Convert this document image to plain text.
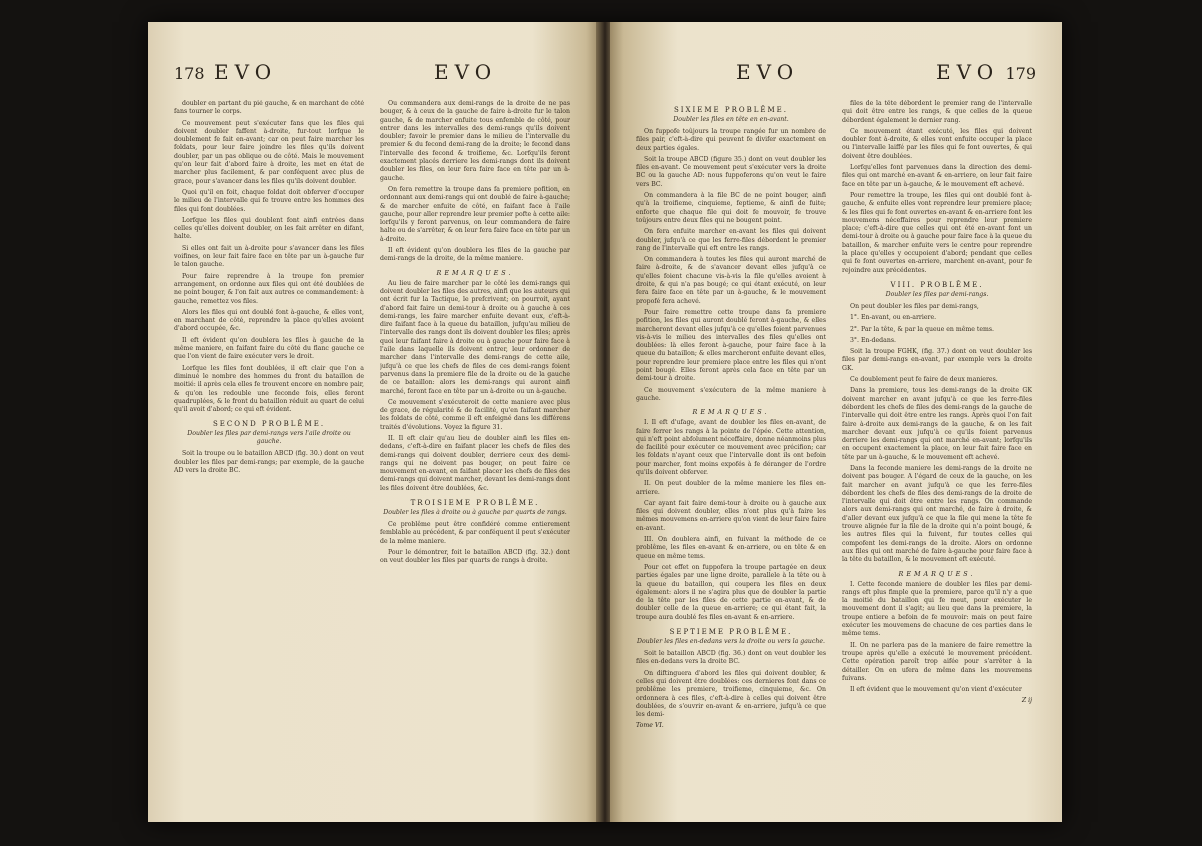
178 EVO	EVO

doubler en partant du pié gauche, & en marchant de côté fans tourner le corps.

Ce mouvement peut s'exécuter fans que les files qui doivent doubler faffent à-droite, fur-tout lorfque le doublement fe fait en-avant; car on peut faire marcher les foldats, pour leur faire joindre les files qu'ils doivent doubler, par un pas oblique ou de côté. Mais le mouvement qu'on leur fait d'abord faire à droite, les met en état de marcher plus facilement, & par conféquent avec plus de grace, pour s'avancer dans les files qu'ils doivent doubler.

Quoi qu'il en foit, chaque foldat doit obferver d'occuper le milieu de l'intervalle qui fe trouve entre les hommes des files qui font doublées.

Lorfque les files qui doublent font ainfi entrées dans celles qu'elles doivent doubler, on les fait arrêter en difant, halte.

Si elles ont fait un à-droite pour s'avancer dans les files voifines, on leur fait faire face en tête par un à-gauche fur le talon gauche.

Pour faire reprendre à la troupe fon premier arrangement, on ordonne aux files qui ont été doublées de ne point bouger, & l'on fait aux autres ce commandement: à gauche, remettez vos files.

Alors les files qui ont doublé font à-gauche, & elles vont, en marchant de côté, reprendre la place qu'elles avoient d'abord occupée, &c.

Il eft évident qu'on doublera les files à gauche de la même maniere, en faifant faire du côté du flanc gauche ce que l'on vient de faire exécuter vers le droit.

Lorfque les files font doublées, il eft clair que l'on a diminué le nombre des hommes du front du bataillon de moitié: il après cela elles fe trouvent encore en nombre pair, & qu'on les redouble une feconde fois, elles feront quadruplées, & le front du bataillon réduit au quart de celui qu'il avoit d'abord; ce qui eft évident.

SECOND PROBLÊME.
Doubler les files par demi-rangs vers l'aile droite ou gauche.

Soit la troupe ou le bataillon ABCD (fig. 30.) dont on veut doubler les files par demi-rangs; par exemple, de la gauche AD vers la droite BC.

Ou commandera aux demi-rangs de la droite de ne pas bouger, & à ceux de la gauche de faire à-droite fur le talon gauche, & de marcher enfuite tous enfemble de côté, pour entrer dans les intervalles des demi-rangs qu'ils doivent doubler; favoir le premier dans le milieu de l'intervalle du premier & du fecond demi-rang de la droite; le fecond dans l'intervalle des fecond & troifieme, &c. Lorfqu'ils feront exactement placés derriere les demi-rangs dont ils doivent doubler les files, on leur fera faire face en tête par un à-gauche.

On fera remettre la troupe dans fa premiere pofition, en ordonnant aux demi-rangs qui ont doublé de faire à-gauche; & de marcher enfuite de côté, en faifant face à l'aile gauche, pour aller reprendre leur premier pofte à cette aile: lorfqu'ils y feront parvenus, on leur commandera de faire halte ou de s'arrêter, & on leur fera faire face en tête par un à-droite.

Il eft évident qu'on doublera les files de la gauche par demi-rangs de la droite, de la même maniere.

REMARQUES.

Au lieu de faire marcher par le côté les demi-rangs qui doivent doubler les files des autres, ainfi que les auteurs qui ont écrit fur la Tactique, le prefcrivent; on pourroit, ayant d'abord fait faire un demi-tour à droite ou à gauche à ces demi-rangs, les faire marcher enfuite devant eux, c'eft-à-dire faifant face à la queue du bataillon, jufqu'au milieu de l'intervalle des rangs dont ils doivent doubler les files; après quoi leur faifant faire à droite ou à gauche pour faire face à l'aile dans laquelle ils doivent entrer, leur ordonner de marcher dans l'intervalle des demi-rangs de cette aile, jufqu'à ce que les chefs de files de ces demi-rangs foient parvenus dans la premiere file de la droite ou de la gauche de ce bataillon: alors les demi-rangs qui auront ainfi marché, feront face en tête par un à-droite ou un à-gauche.

Ce mouvement s'exécuteroit de cette maniere avec plus de grace, de régularité & de facilité, qu'en faifant marcher les foldats de côté, comme il eft enfeigné dans les différens traités d'évolutions. Voyez la figure 31.

II. Il eft clair qu'au lieu de doubler ainfi les files en-dedans, c'eft-à-dire en faifant placer les chefs de files des demi-rangs qui doivent doubler, derriere ceux des demi-rangs qui ne doivent pas bouger, on peut faire ce mouvement en-avant, en faifant placer les chefs de files des demi-rangs qui doivent marcher, devant les demi-rangs dont les files doivent être doublées, &c.

TROISIEME PROBLÊME.
Doubler les files à droite ou à gauche par quarts de rangs.

Ce problême peut être confidéré comme entierement femblable au précédent, & par conféquent il peut s'exécuter de la même maniere.

Pour le démontrer, foit le bataillon ABCD (fig. 32.) dont on veut doubler les files par quarts de rangs à droite.

EVO	EVO 179
SIXIEME PROBLÊME.
Doubler les files en tête en en-avant.

On fuppofe toûjours la troupe rangée fur un nombre de files pair, c'eft-à-dire qui peuvent fe divifer exactement en deux parties égales.

Soit la troupe ABCD (figure 35.) dont on veut doubler les files en-avant. Ce mouvement peut s'exécuter vers la droite BC ou la gauche AD: nous fuppoferons qu'on veut le faire vers BC.

On commandera à la file BC de ne point bouger, ainfi qu'à la troifieme, cinquieme, feptieme, & ainfi de fuite; enforte que chaque file qui doit fe mouvoir, fe trouve toûjours entre deux files qui ne bougent point.

On fera enfuite marcher en-avant les files qui doivent doubler, jufqu'à ce que les ferre-files débordent le premier rang de l'intervalle qui eft entre les rangs.

On commandera à toutes les files qui auront marché de faire à-droite, & de s'avancer devant elles jufqu'à ce qu'elles foient chacune vis-à-vis la file qu'elles avoient à droite, & qui n'a pas bougé; ce qui étant exécuté, on leur fera faire face en tête par un à-gauche, & le mouvement propofé fera achevé.

Pour faire remettre cette troupe dans fa premiere pofition, les files qui auront doublé feront à-gauche, & elles marcheront devant elles jufqu'à ce qu'elles foient parvenues vis-à-vis le milieu des intervalles des files qu'elles ont doublées: là elles feront à-gauche, pour faire face à la queue du bataillon; & elles marcheront enfuite devant elles, pour reprendre leur premiere place entre les files qui n'ont point bougé. Elles feront après cela face en tête par un demi-tour à droite.

Ce mouvement s'exécutera de la même maniere à gauche.

REMARQUES.

I. Il eft d'ufage, avant de doubler les files en-avant, de faire ferrer les rangs à la pointe de l'épée. Cette attention, qui n'eft point abfolument néceffaire, donne néanmoins plus de facilité pour exécuter ce mouvement avec précifion; car les foldats n'ayant ceux que l'intervalle dont ils ont befoin pour marcher, font moins expofés à fe déranger de l'ordre qu'ils doivent obferver.

II. On peut doubler de la même maniere les files en-arriere.

Car ayant fait faire demi-tour à droite ou à gauche aux files qui doivent doubler, elles n'ont plus qu'à faire les mêmes mouvemens en-arriere qu'on vient de leur faire faire en-avant.

III. On doublera ainfi, en fuivant la méthode de ce problême, les files en-avant & en-arriere, ou en tête & en queue en même tems.

Pour cet effet on fuppofera la troupe partagée en deux parties égales par une ligne droite, parallele à la tête ou à la queue du bataillon, qui coupera les files en deux également: alors il ne s'agira plus que de doubler la partie de la tête par les files de cette partie en-avant, & de doubler celle de la queue en-arriere; ce qui étant fait, la troupe aura doublé fes files en-avant & en-arriere.

SEPTIEME PROBLÊME.
Doubler les files en-dedans vers la droite ou vers la gauche.

Soit le bataillon ABCD (fig. 36.) dont on veut doubler les files en-dedans vers la droite BC.

On diftinguera d'abord les files qui doivent doubler, & celles qui doivent être doublées: ces dernieres font dans ce problême les premiere, troifieme, cinquieme, &c. On ordonnera à ces files, c'eft-à-dire à celles qui doivent être doublées, de s'ouvrir en-avant & en-arriere, jufqu'à ce que les demi-

Tome VI.

files de la tête débordent le premier rang de l'intervalle qui doit être entre les rangs, & que celles de la queue débordent également le dernier rang.

Ce mouvement étant exécuté, les files qui doivent doubler font à-droite, & elles vont enfuite occuper la place ou l'intervalle laiffé par les files qui fe font ouvertes, & qui doivent être doublées.

Lorfqu'elles font parvenues dans la direction des demi-files qui ont marché en-avant & en-arriere, on leur fait faire face en tête par un à-gauche, & le mouvement eft achevé.

Pour remettre la troupe, les files qui ont doublé font à-gauche, & enfuite elles vont reprendre leur premiere place; & les files qui fe font ouvertes en-avant & en-arriere font les mouvemens néceffaires pour reprendre leur premiere place; c'eft-à-dire que celles qui ont été en-avant font un demi-tour à droite ou à gauche pour faire face à la queue du bataillon, & marcher enfuite vers le centre pour reprendre la place qu'elles y occupoient d'abord; pendant que celles qui fe font ouvertes en-arriere, marchent en-avant, pour fe rejoindre aux précédentes.

VIII. PROBLÊME.
Doubler les files par demi-rangs.

On peut doubler les files par demi-rangs,

1°. En-avant, ou en-arriere.

2°. Par la tête, & par la queue en même tems.

3°. En-dedans.

Soit la troupe FGHK, (fig. 37.) dont on veut doubler les files par demi-rangs en-avant, par exemple vers la droite GK.

Ce doublement peut fe faire de deux manieres.

Dans la premiere, tous les demi-rangs de la droite GK doivent marcher en avant jufqu'à ce que les ferre-files débordent les chefs de files des demi-rangs de la gauche de l'intervalle qui doit être entre les rangs. Après quoi l'on fait faire à-droite aux demi-rangs de la gauche, & on les fait marcher devant eux jufqu'à ce qu'ils foient parvenus derriere les demi-rangs qui ont marché en-avant; lorfqu'ils en occupent exactement la place, on leur fait faire face en tête par un à-gauche, & le mouvement eft achevé.

Dans la feconde maniere les demi-rangs de la droite ne doivent pas bouger. A l'égard de ceux de la gauche, on les fait marcher en avant jufqu'à ce que les ferre-files débordent les chefs de files des demi-rangs de la droite de l'intervalle qui doit être entre les rangs. On commande alors aux demi-rangs qui ont marché, de faire à droite, & d'aller devant eux jufqu'à ce que la file qui mene la tête fe trouve alignée fur la file de la droite qui n'a point bougé, & les autres files qui la fuivent, fur toutes celles qui compofent les demi-rangs de la droite. Alors on ordonne aux files qui ont marché de faire à-gauche pour faire face à la tête du bataillon, & le mouvement eft exécuté.

REMARQUES.

I. Cette feconde maniere de doubler les files par demi-rangs eft plus fimple que la premiere, parce qu'il n'y a que la moitié du bataillon qui fe meut, pour exécuter le mouvement dont il s'agit; au lieu que dans la premiere, la troupe entiere a befoin de fe mouvoir: mais on peut faire exécuter les mouvemens de chacune de ces parties dans le même tems.

II. On ne parlera pas de la maniere de faire remettre la troupe après qu'elle a exécuté le mouvement précédent. Cette opération paroît trop aifée pour s'arrêter à la détailler. On en ufera de même dans les mouvemens fuivans.

Il eft évident que le mouvement qu'on vient d'exécuter

Z ij
